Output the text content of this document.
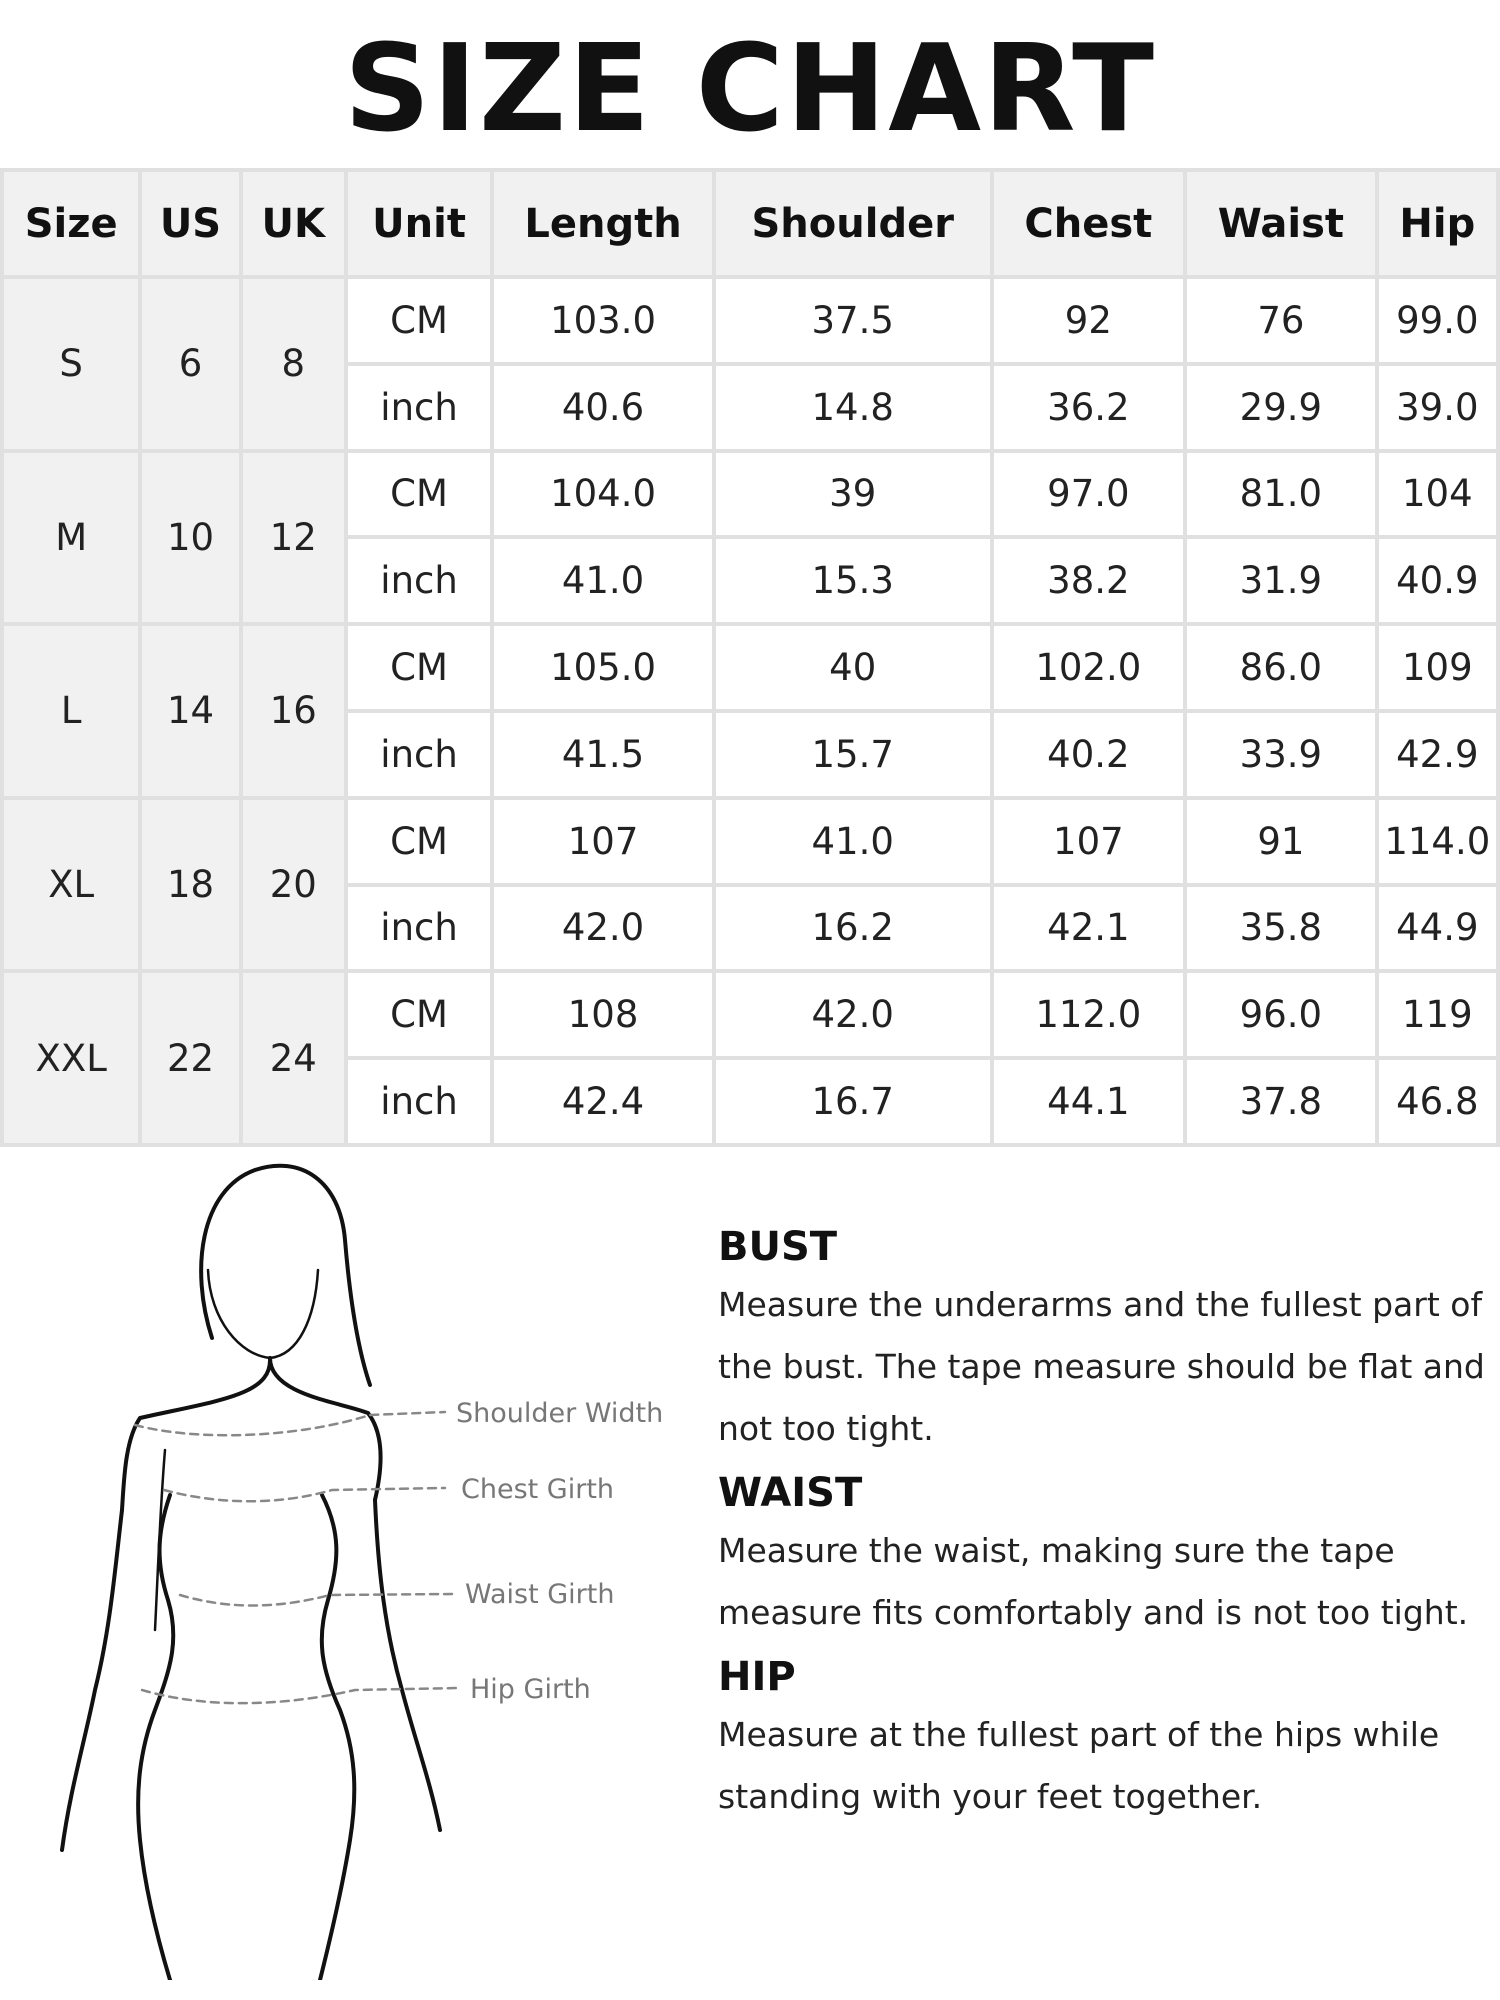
SIZE CHART
Size	US	UK	Unit	Length	Shoulder	Chest	Waist	Hip
S	6	8	CM	103.0	37.5	92	76	99.0
			inch	40.6	14.8	36.2	29.9	39.0
M	10	12	CM	104.0	39	97.0	81.0	104
			inch	41.0	15.3	38.2	31.9	40.9
L	14	16	CM	105.0	40	102.0	86.0	109
			inch	41.5	15.7	40.2	33.9	42.9
XL	18	20	CM	107	41.0	107	91	114.0
			inch	42.0	16.2	42.1	35.8	44.9
XXL	22	24	CM	108	42.0	112.0	96.0	119
			inch	42.4	16.7	44.1	37.8	46.8
Shoulder Width
Chest Girth
Waist Girth
Hip Girth
BUST

Measure the underarms and the fullest part of the bust. The tape measure should be flat and not too tight.

WAIST

Measure the waist, making sure the tape measure fits comfortably and is not too tight.

HIP

Measure at the fullest part of the hips while standing with your feet together.
